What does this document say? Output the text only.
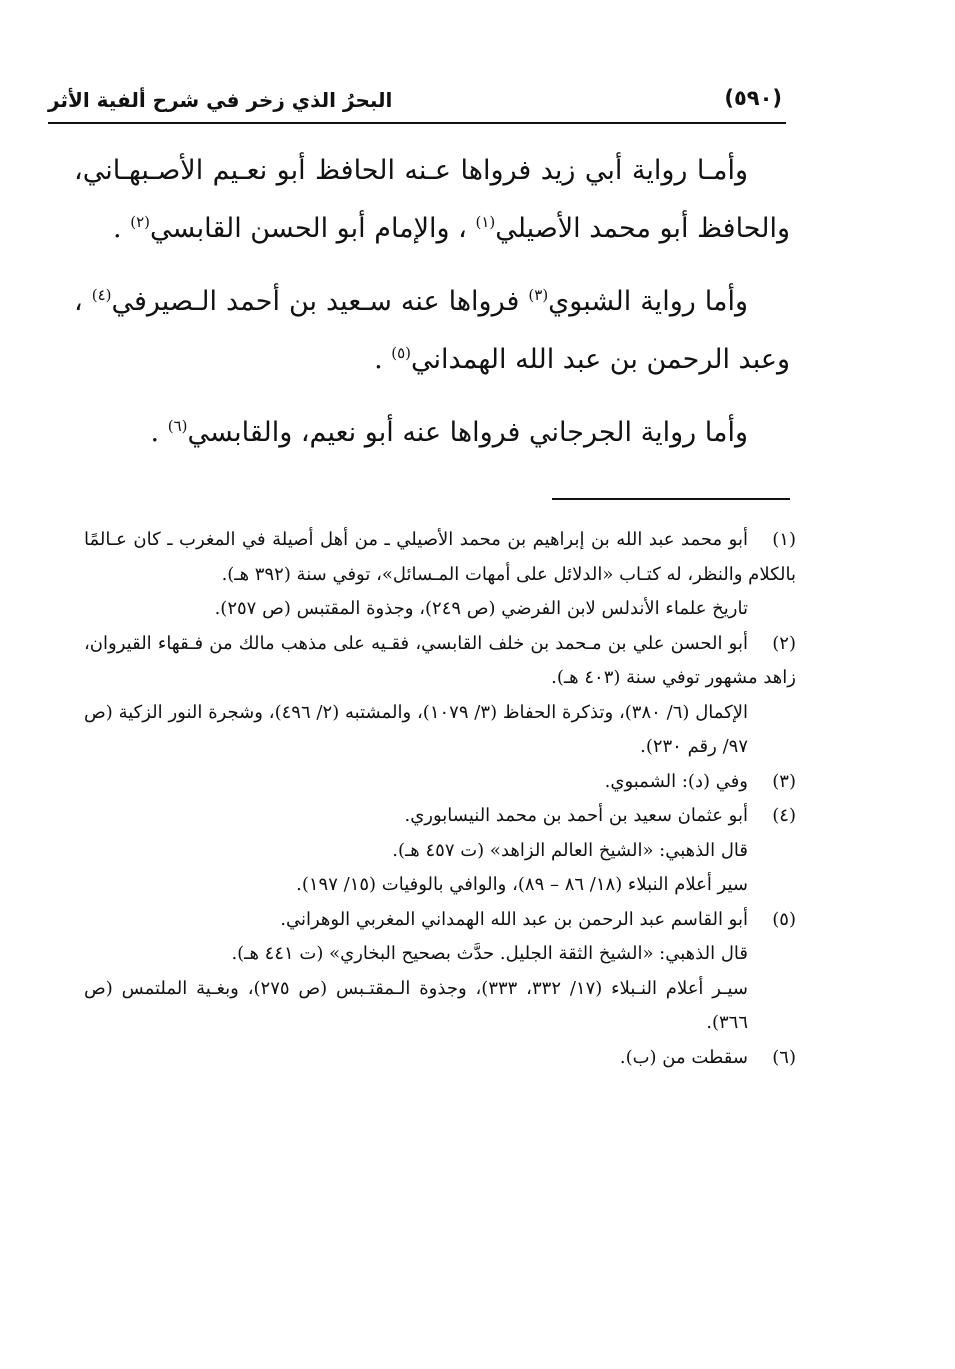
البحرُ الذي زخر في شرح ألفية الأثر	(٥٩٠)

وأمـا رواية أبي زيد فرواها عـنه الحافظ أبو نعـيم الأصـبهـاني، والحافظ أبو محمد الأصيلي$^{(١)}$ ، والإمام أبو الحسن القابسي$^{(٢)}$ .

وأما رواية الشبوي$^{(٣)}$ فرواها عنه سـعيد بن أحمد الـصيرفي$^{(٤)}$ ، وعبد الرحمن بن عبد الله الهمداني$^{(٥)}$ .

وأما رواية الجرجاني فرواها عنه أبو نعيم، والقابسي$^{(٦)}$ .

(١)أبو محمد عبد الله بن إبراهيم بن محمد الأصيلي ـ من أهل أصيلة في المغرب ـ كان عـالمًا بالكلام والنظر، له كتـاب «الدلائل على أمهات المـسائل»، توفي سنة (٣٩٢ هـ).

تاريخ علماء الأندلس لابن الفرضي (ص ٢٤٩)، وجذوة المقتبس (ص ٢٥٧).

(٢)أبو الحسن علي بن مـحمد بن خلف القابسي، فقـيه على مذهب مالك من فـقهاء القيروان، زاهد مشهور توفي سنة (٤٠٣ هـ).

الإكمال (٦/ ٣٨٠)، وتذكرة الحفاظ (٣/ ١٠٧٩)، والمشتبه (٢/ ٤٩٦)، وشجرة النور الزكية (ص ٩٧/ رقم ٢٣٠).

(٣)وفي (د): الشمبوي.

(٤)أبو عثمان سعيد بن أحمد بن محمد النيسابوري.

قال الذهبي: «الشيخ العالم الزاهد» (ت ٤٥٧ هـ).

سير أعلام النبلاء (١٨/ ٨٦ – ٨٩)، والوافي بالوفيات (١٥/ ١٩٧).

(٥)أبو القاسم عبد الرحمن بن عبد الله الهمداني المغربي الوهراني.

قال الذهبي: «الشيخ الثقة الجليل. حدَّث بصحيح البخاري» (ت ٤٤١ هـ).

سيـر أعلام النـبلاء (١٧/ ٣٣٢، ٣٣٣)، وجذوة الـمقتـبس (ص ٢٧٥)، وبغـية الملتمس (ص ٣٦٦).

(٦)سقطت من (ب).
